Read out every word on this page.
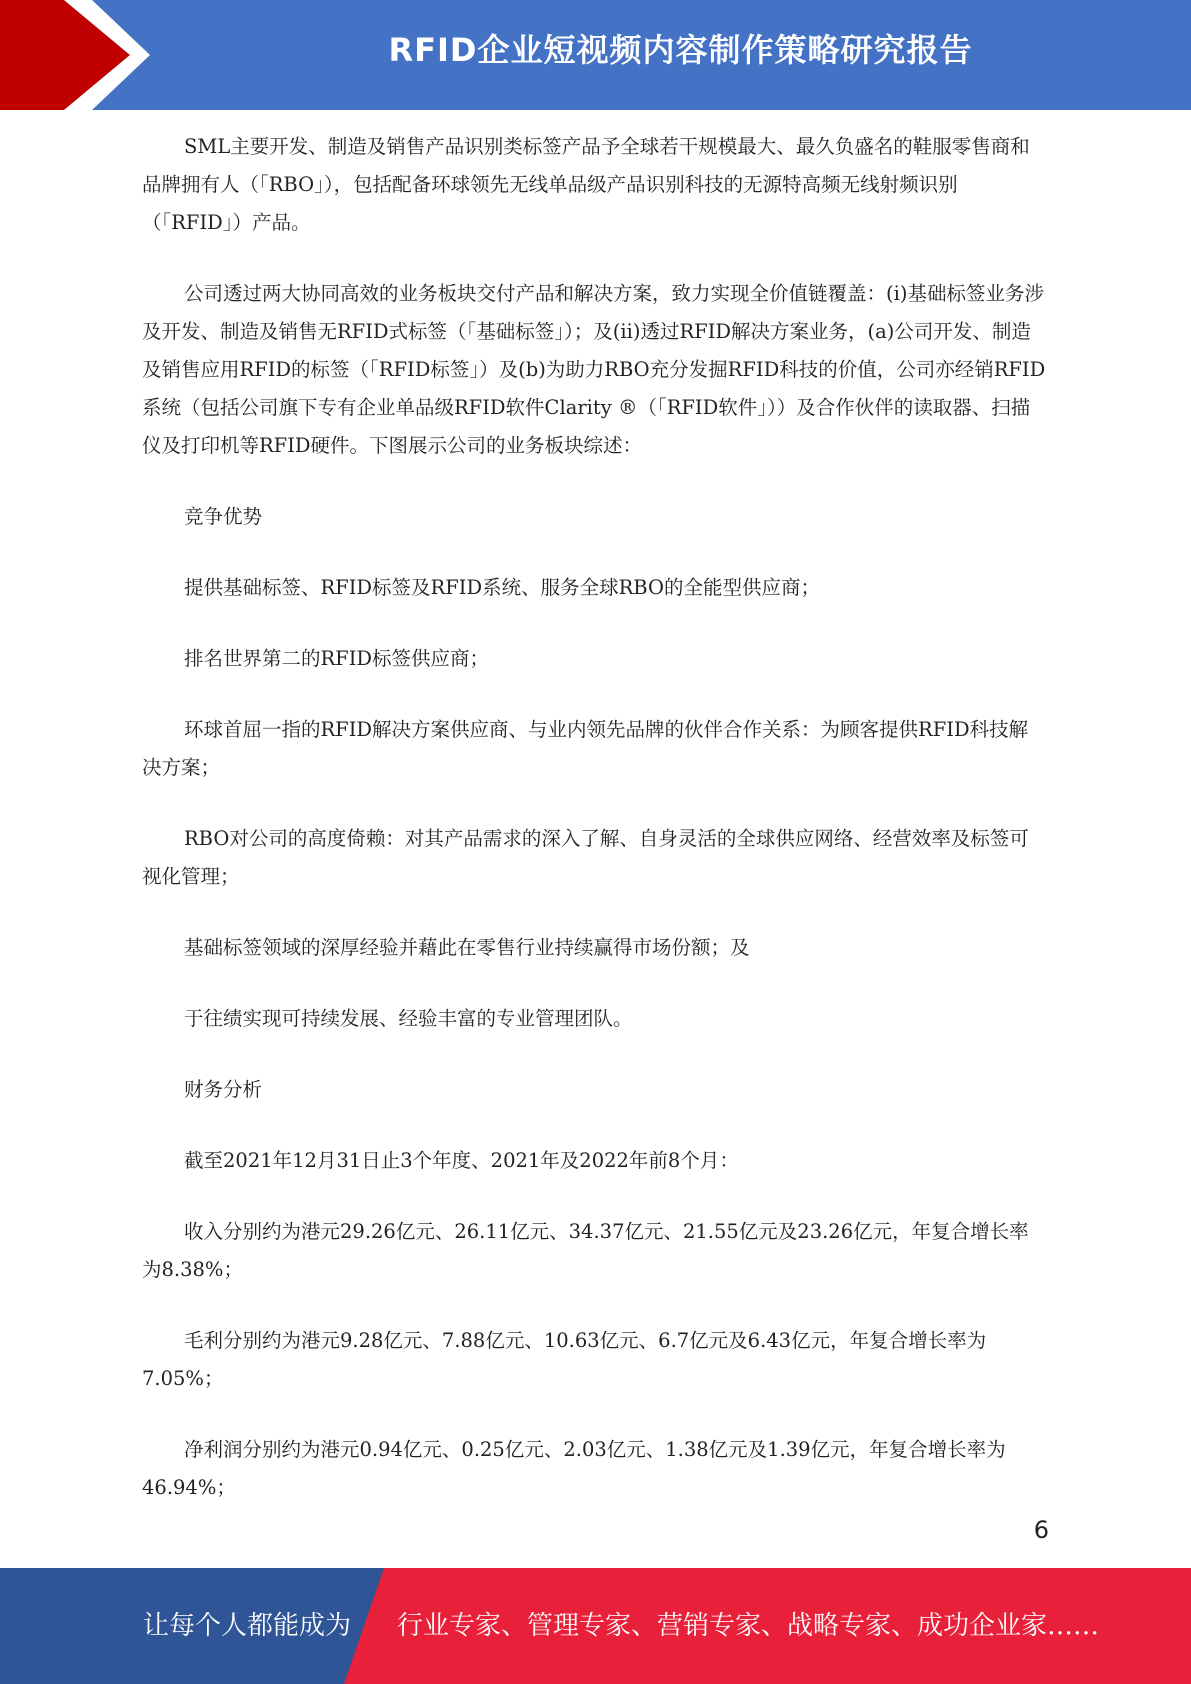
RFID企业短视频内容制作策略研究报告

SML主要开发、制造及销售产品识别类标签产品予全球若干规模最大、最久负盛名的鞋服零售商和品牌拥有人（「RBO」），包括配备环球领先无线单品级产品识别科技的无源特高频无线射频识别（「RFID」）产品。

公司透过两大协同高效的业务板块交付产品和解决方案，致力实现全价值链覆盖：(i)基础标签业务涉及开发、制造及销售无RFID式标签（「基础标签」）；及(ii)透过RFID解决方案业务，(a)公司开发、制造及销售应用RFID的标签（「RFID标签」）及(b)为助力RBO充分发掘RFID科技的价值，公司亦经销RFID系统（包括公司旗下专有企业单品级RFID软件Clarity ®（「RFID软件」））及合作伙伴的读取器、扫描仪及打印机等RFID硬件。下图展示公司的业务板块综述：

竞争优势

提供基础标签、RFID标签及RFID系统、服务全球RBO的全能型供应商；

排名世界第二的RFID标签供应商；

环球首屈一指的RFID解决方案供应商、与业内领先品牌的伙伴合作关系：为顾客提供RFID科技解决方案；

RBO对公司的高度倚赖：对其产品需求的深入了解、自身灵活的全球供应网络、经营效率及标签可视化管理；

基础标签领域的深厚经验并藉此在零售行业持续赢得市场份额；及

于往绩实现可持续发展、经验丰富的专业管理团队。

财务分析

截至2021年12月31日止3个年度、2021年及2022年前8个月：

收入分别约为港元29.26亿元、26.11亿元、34.37亿元、21.55亿元及23.26亿元，年复合增长率为8.38%；

毛利分别约为港元9.28亿元、7.88亿元、10.63亿元、6.7亿元及6.43亿元，年复合增长率为7.05%；

净利润分别约为港元0.94亿元、0.25亿元、2.03亿元、1.38亿元及1.39亿元，年复合增长率为46.94%；

6
让每个人都能成为 行业专家、管理专家、营销专家、战略专家、成功企业家……
